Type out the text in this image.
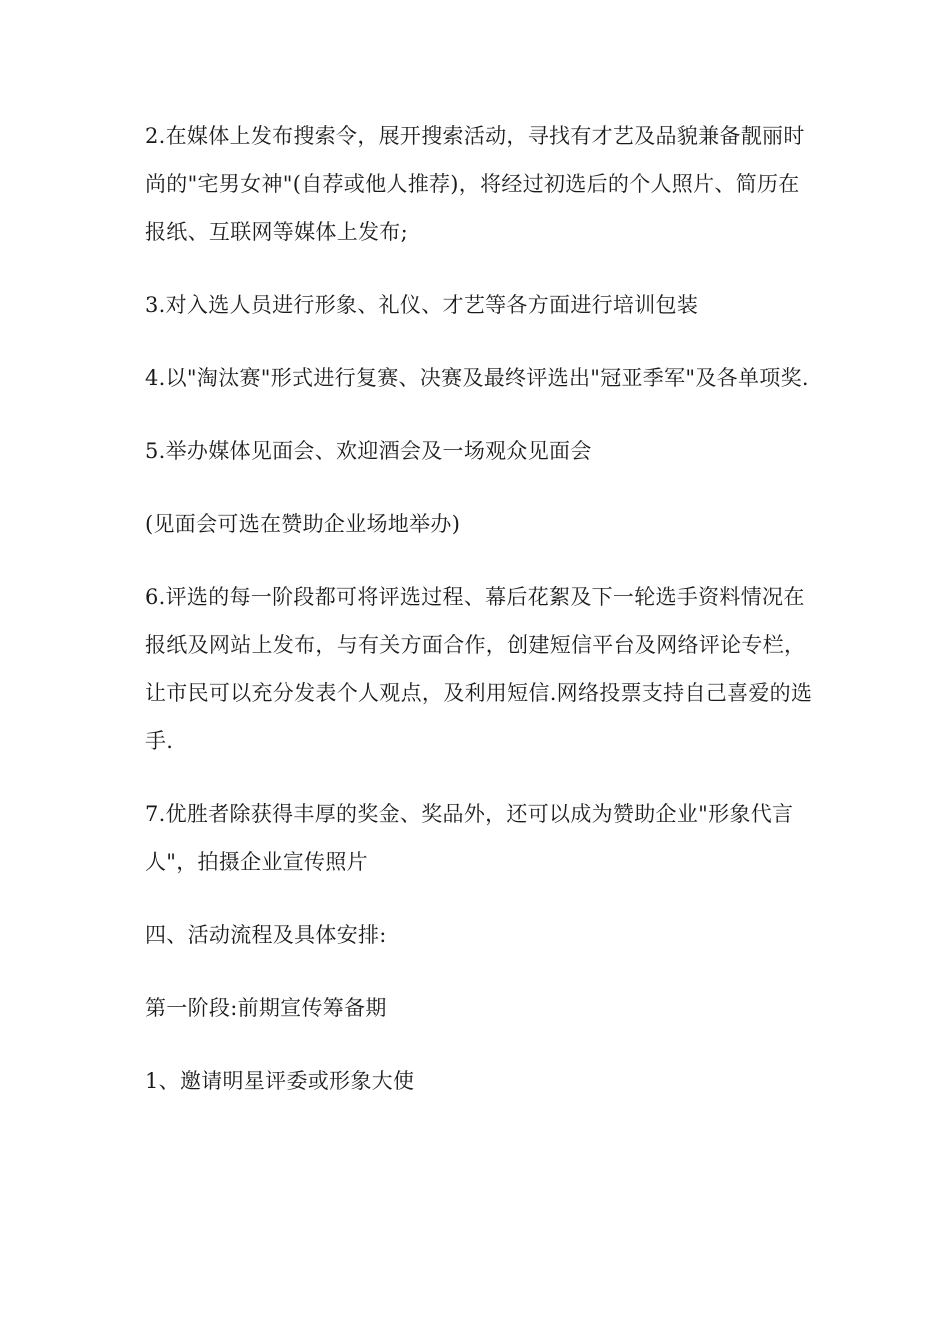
2.在媒体上发布搜索令，展开搜索活动，寻找有才艺及品貌兼备靓丽时尚的"宅男女神"(自荐或他人推荐)，将经过初选后的个人照片、简历在报纸、互联网等媒体上发布;

3.对入选人员进行形象、礼仪、才艺等各方面进行培训包装

4.以"淘汰赛"形式进行复赛、决赛及最终评选出"冠亚季军"及各单项奖.

5.举办媒体见面会、欢迎酒会及一场观众见面会

(见面会可选在赞助企业场地举办)

6.评选的每一阶段都可将评选过程、幕后花絮及下一轮选手资料情况在报纸及网站上发布，与有关方面合作，创建短信平台及网络评论专栏，让市民可以充分发表个人观点，及利用短信.网络投票支持自己喜爱的选手.

7.优胜者除获得丰厚的奖金、奖品外，还可以成为赞助企业"形象代言人"，拍摄企业宣传照片

四、活动流程及具体安排:

第一阶段:前期宣传筹备期

1、邀请明星评委或形象大使
